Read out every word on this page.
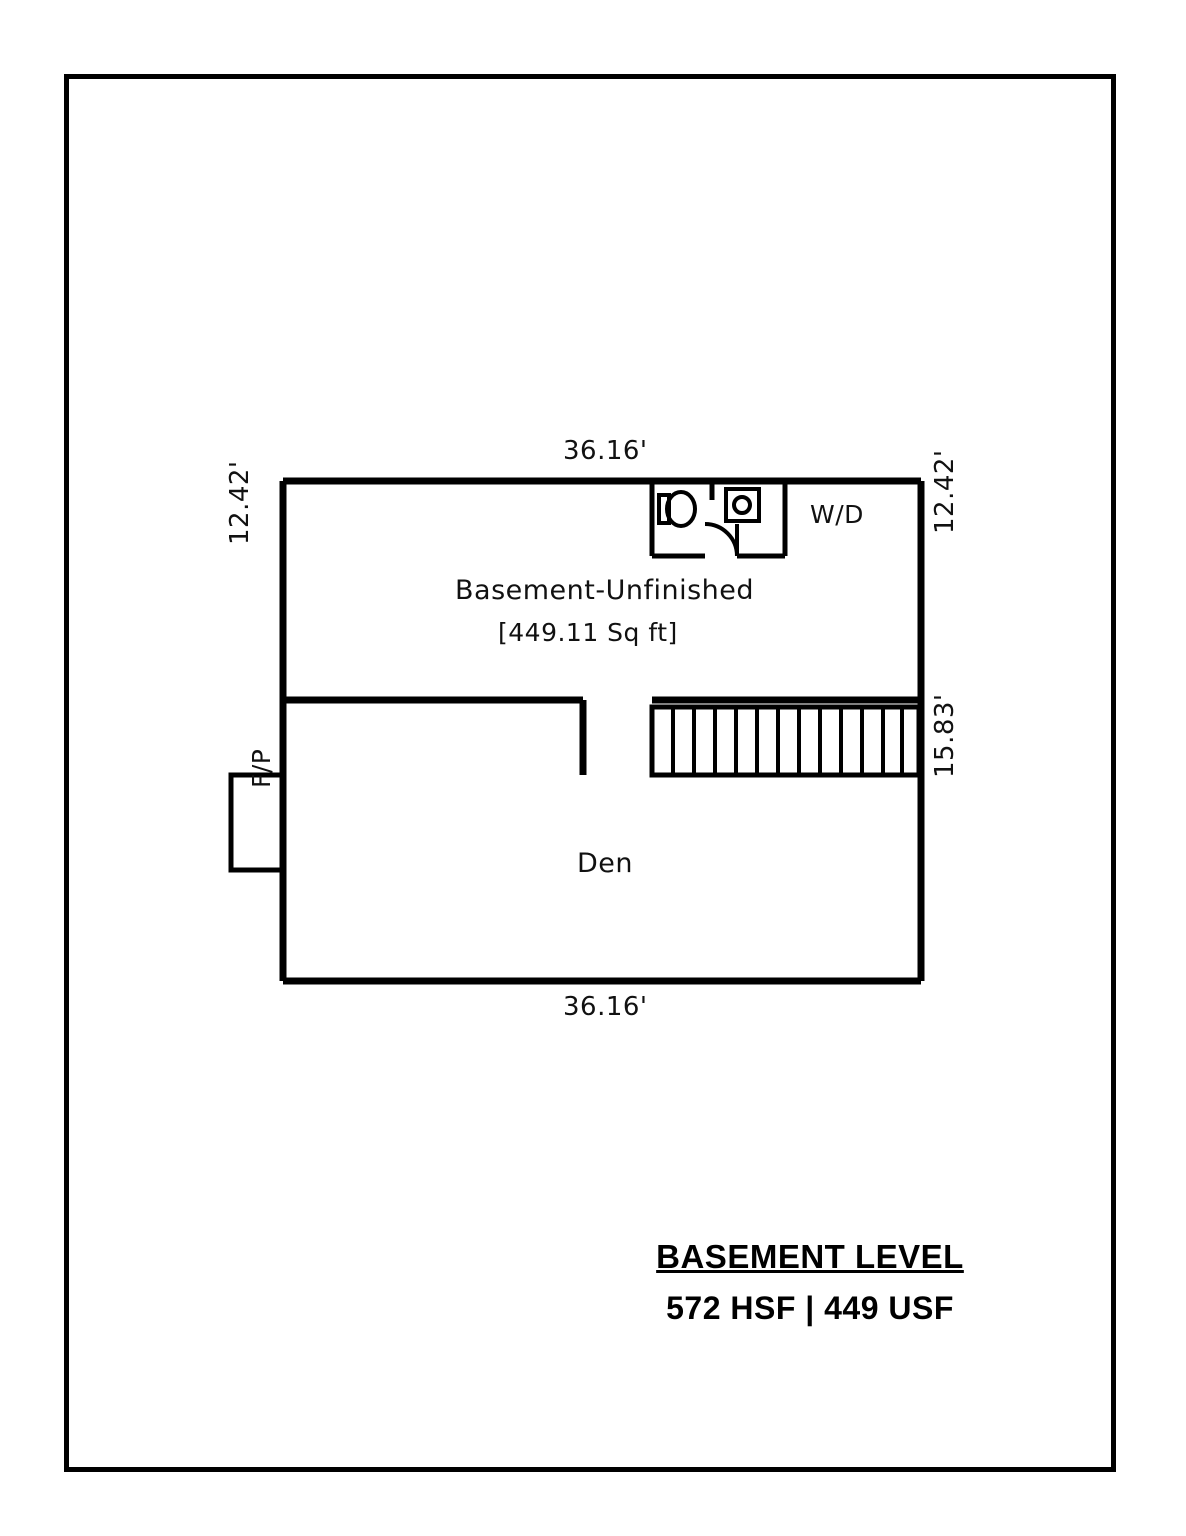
36.16'
36.16'
12.42'	12.42'
15.83'
Basement-Unfinished
[449.11 Sq ft]
Den
W/D
F/P
BASEMENT LEVEL
572 HSF | 449 USF
